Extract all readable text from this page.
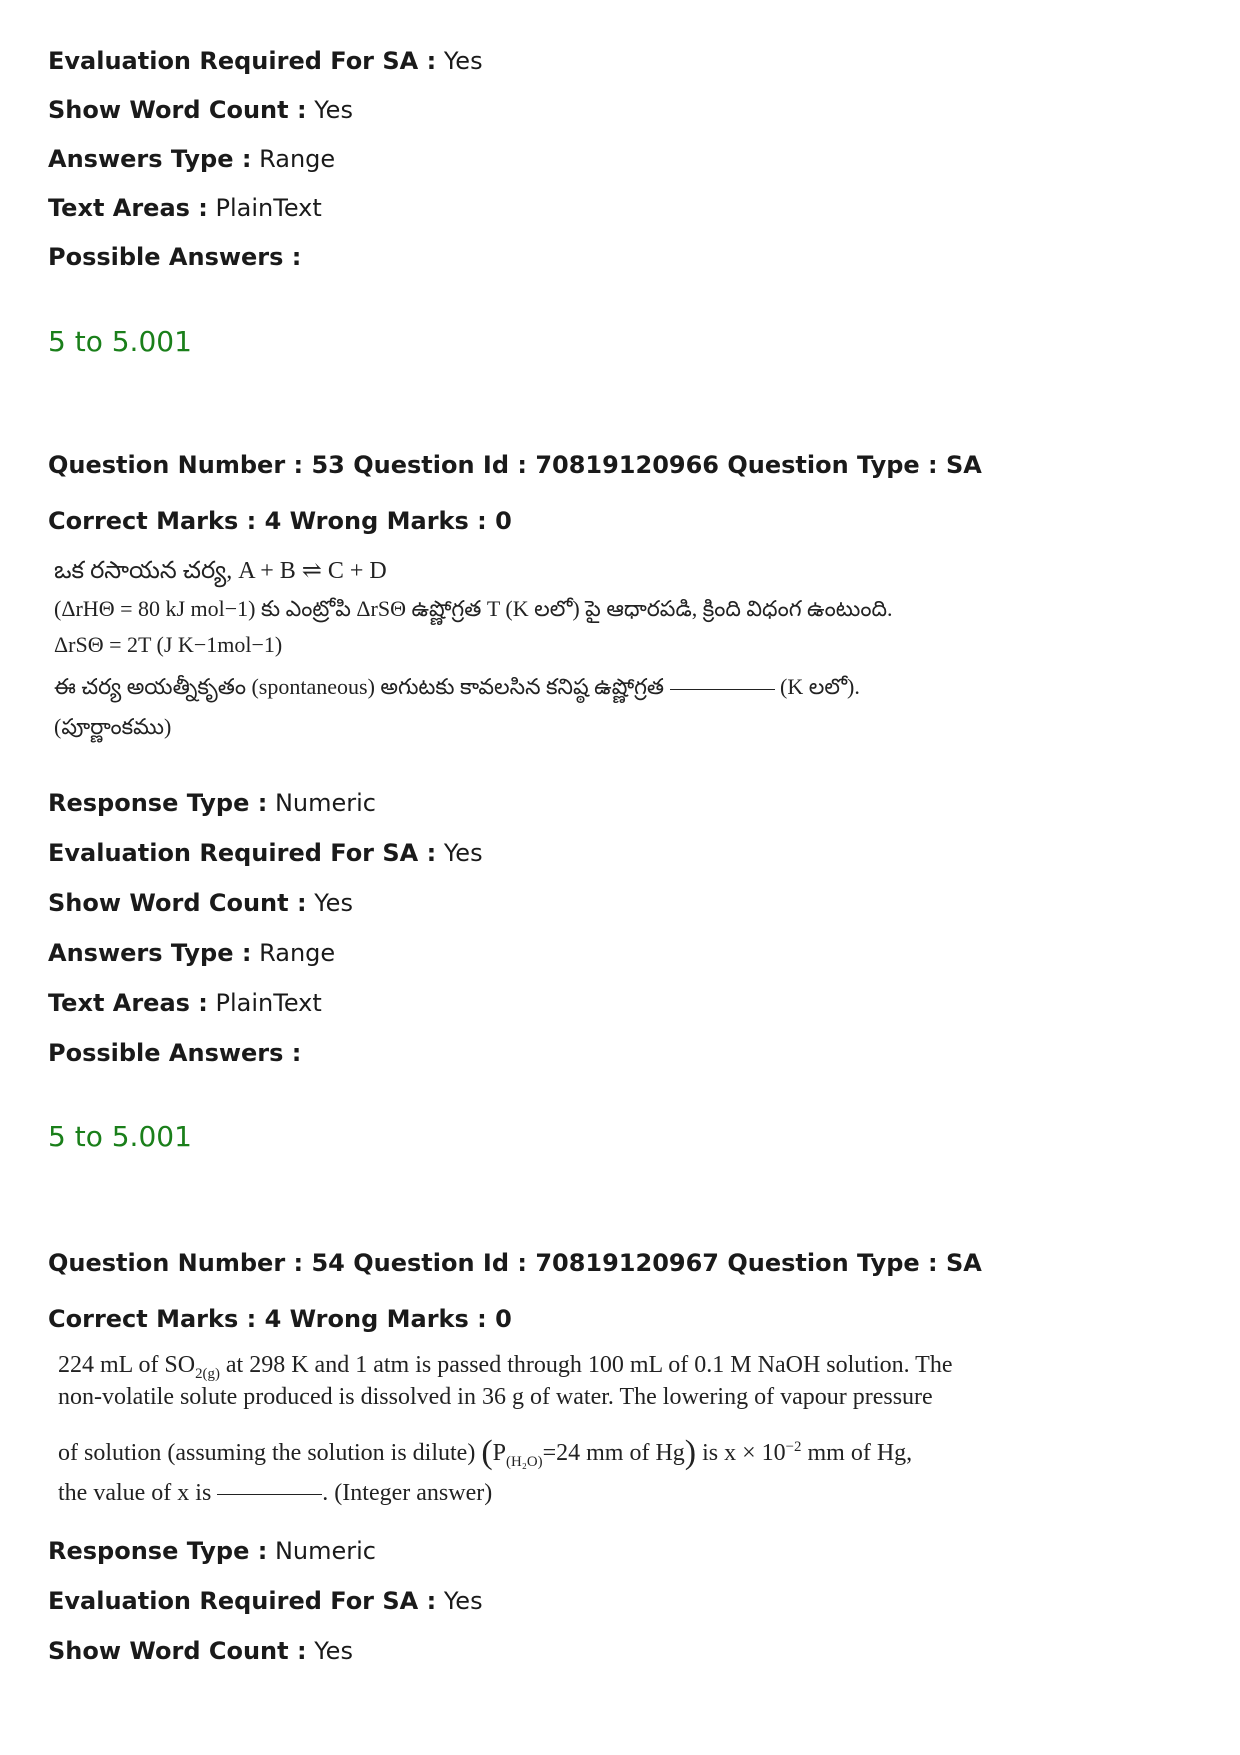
Evaluation Required For SA : Yes
Show Word Count : Yes
Answers Type : Range
Text Areas : PlainText
Possible Answers :
5 to 5.001
Question Number : 53 Question Id : 70819120966 Question Type : SA
Correct Marks : 4 Wrong Marks : 0
ఒక రసాయన చర్య, A + B ⇌ C + D
(ΔrHΘ = 80 kJ mol−1) కు ఎంట్రోపి ΔrSΘ ఉష్ణోగ్రత T (K లలో) పై ఆధారపడి, క్రింది విధంగ ఉంటుంది.
ΔrSΘ = 2T (J K−1mol−1)
ఈ చర్య అయత్నీకృతం (spontaneous) అగుటకు కావలసిన కనిష్ఠ ఉష్ణోగ్రత	(K లలో).
(పూర్ణాంకము)
Response Type : Numeric
Evaluation Required For SA : Yes
Show Word Count : Yes
Answers Type : Range
Text Areas : PlainText
Possible Answers :
5 to 5.001
Question Number : 54 Question Id : 70819120967 Question Type : SA
Correct Marks : 4 Wrong Marks : 0
224 mL of $SO_{2(g)}$ at 298 K and 1 atm is passed through 100 mL of 0.1 M NaOH solution. The
non-volatile solute produced is dissolved in 36 g of water. The lowering of vapour pressure
of solution (assuming the solution is dilute) ($P_{(H_2O)}=24$ mm of Hg) is $x \times 10^{-2}$ mm of Hg,
the value of x is	. (Integer answer)
Response Type : Numeric
Evaluation Required For SA : Yes
Show Word Count : Yes
